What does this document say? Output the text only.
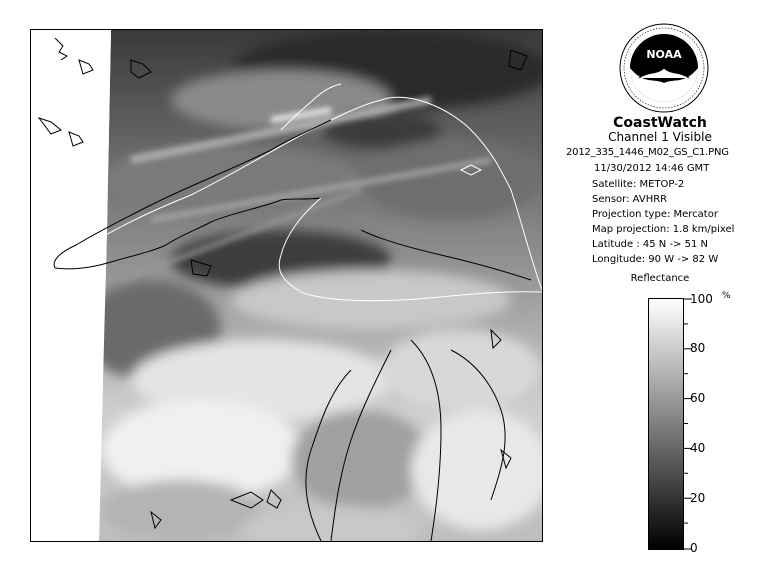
NOAA
CoastWatch
Channel 1 Visible
2012_335_1446_M02_GS_C1.PNG
11/30/2012 14:46 GMT
Satellite: METOP-2
Sensor: AVHRR
Projection type: Mercator
Map projection: 1.8 km/pixel
Latitude : 45 N -> 51 N
Longitude: 90 W -> 82 W
Reflectance
100
80
60
40
20
0
%
